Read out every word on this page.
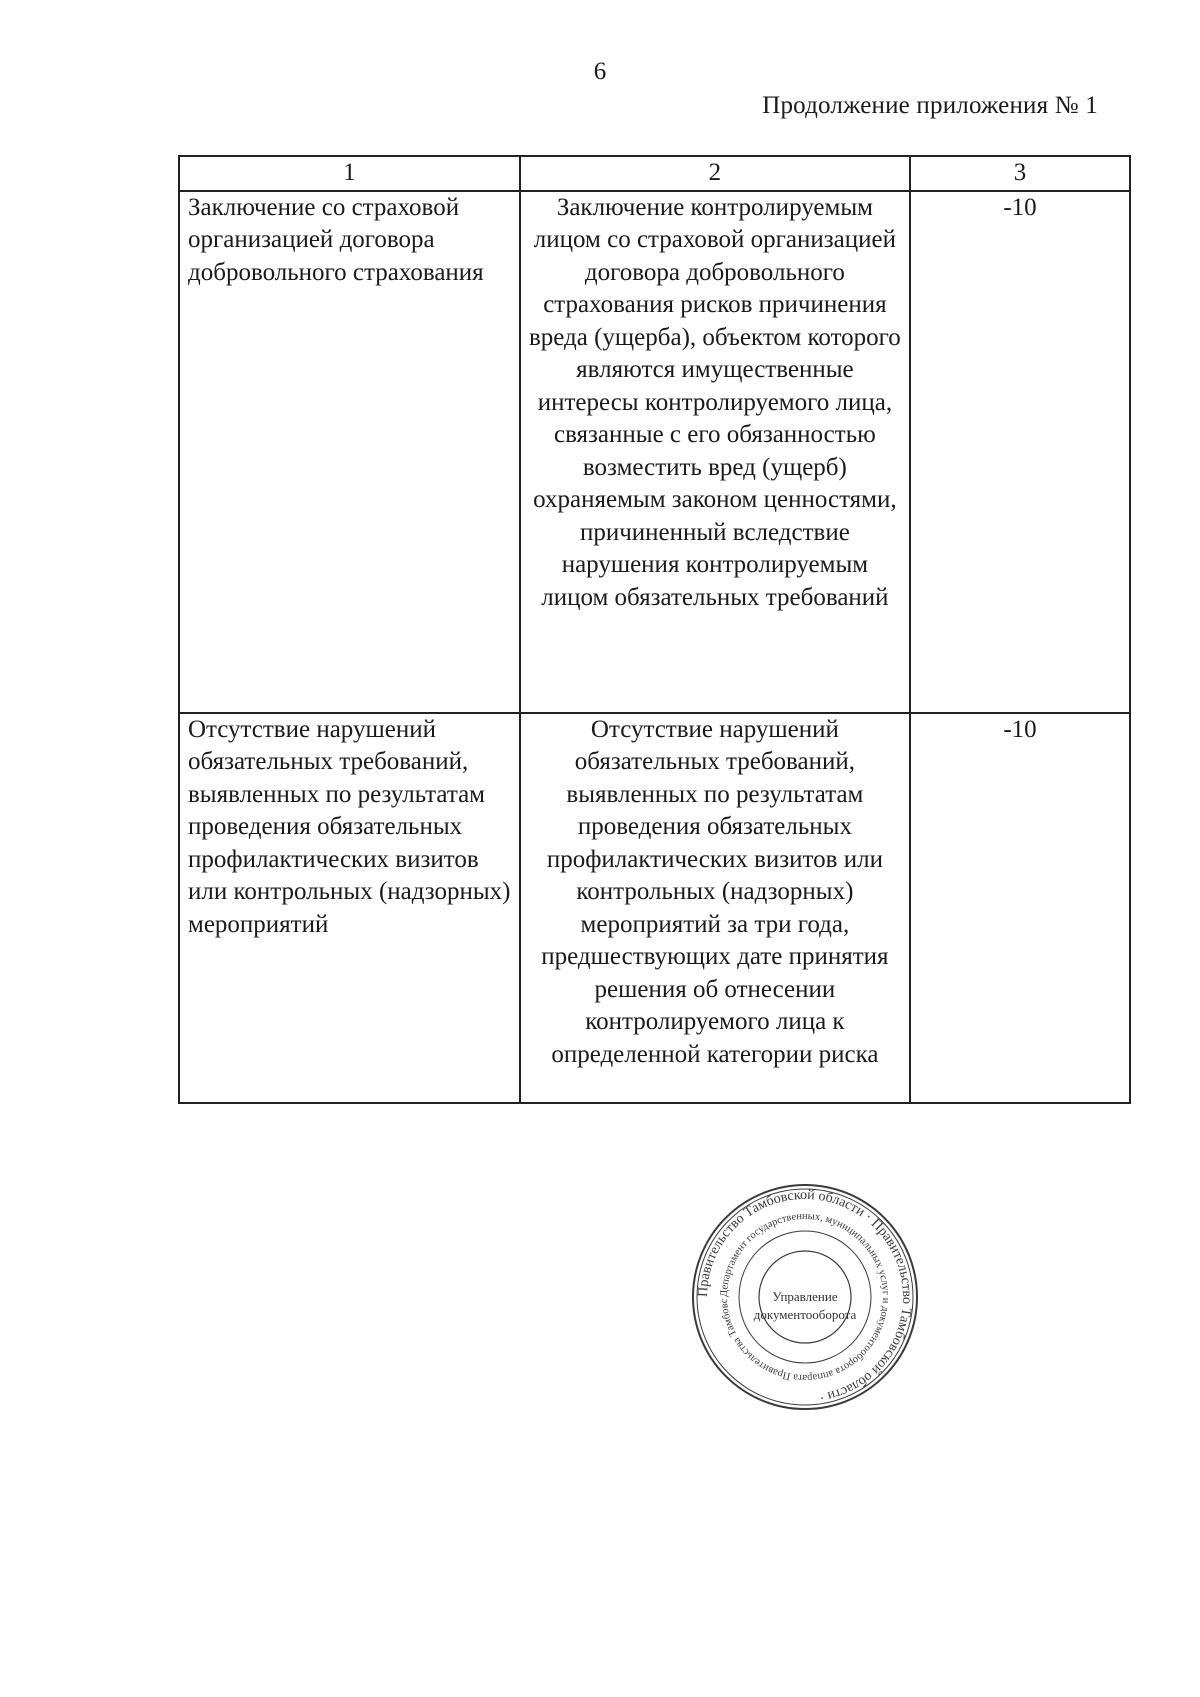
6
Продолжение приложения № 1
1	2	3
Заключение со страховой организацией договора добровольного страхования	Заключение контролируемым лицом со страховой организацией договора добровольного страхования рисков причинения вреда (ущерба), объектом которого являются имущественные интересы контролируемого лица, связанные с его обязанностью возместить вред (ущерб) охраняемым законом ценностями, причиненный вследствие нарушения контролируемым лицом обязательных требований	-10
Отсутствие нарушений обязательных требований, выявленных по результатам проведения обязательных профилактических визитов или контрольных (надзорных) мероприятий	Отсутствие нарушений обязательных требований, выявленных по результатам проведения обязательных профилактических визитов или контрольных (надзорных) мероприятий за три года, предшествующих дате принятия решения об отнесении контролируемого лица к определенной категории риска	-10
Правительство Тамбовской области · Правительство Тамбовской области ·
Департамент государственных, муниципальных услуг и документооборота аппарата Правительства Тамбовс	Управление документооборота
